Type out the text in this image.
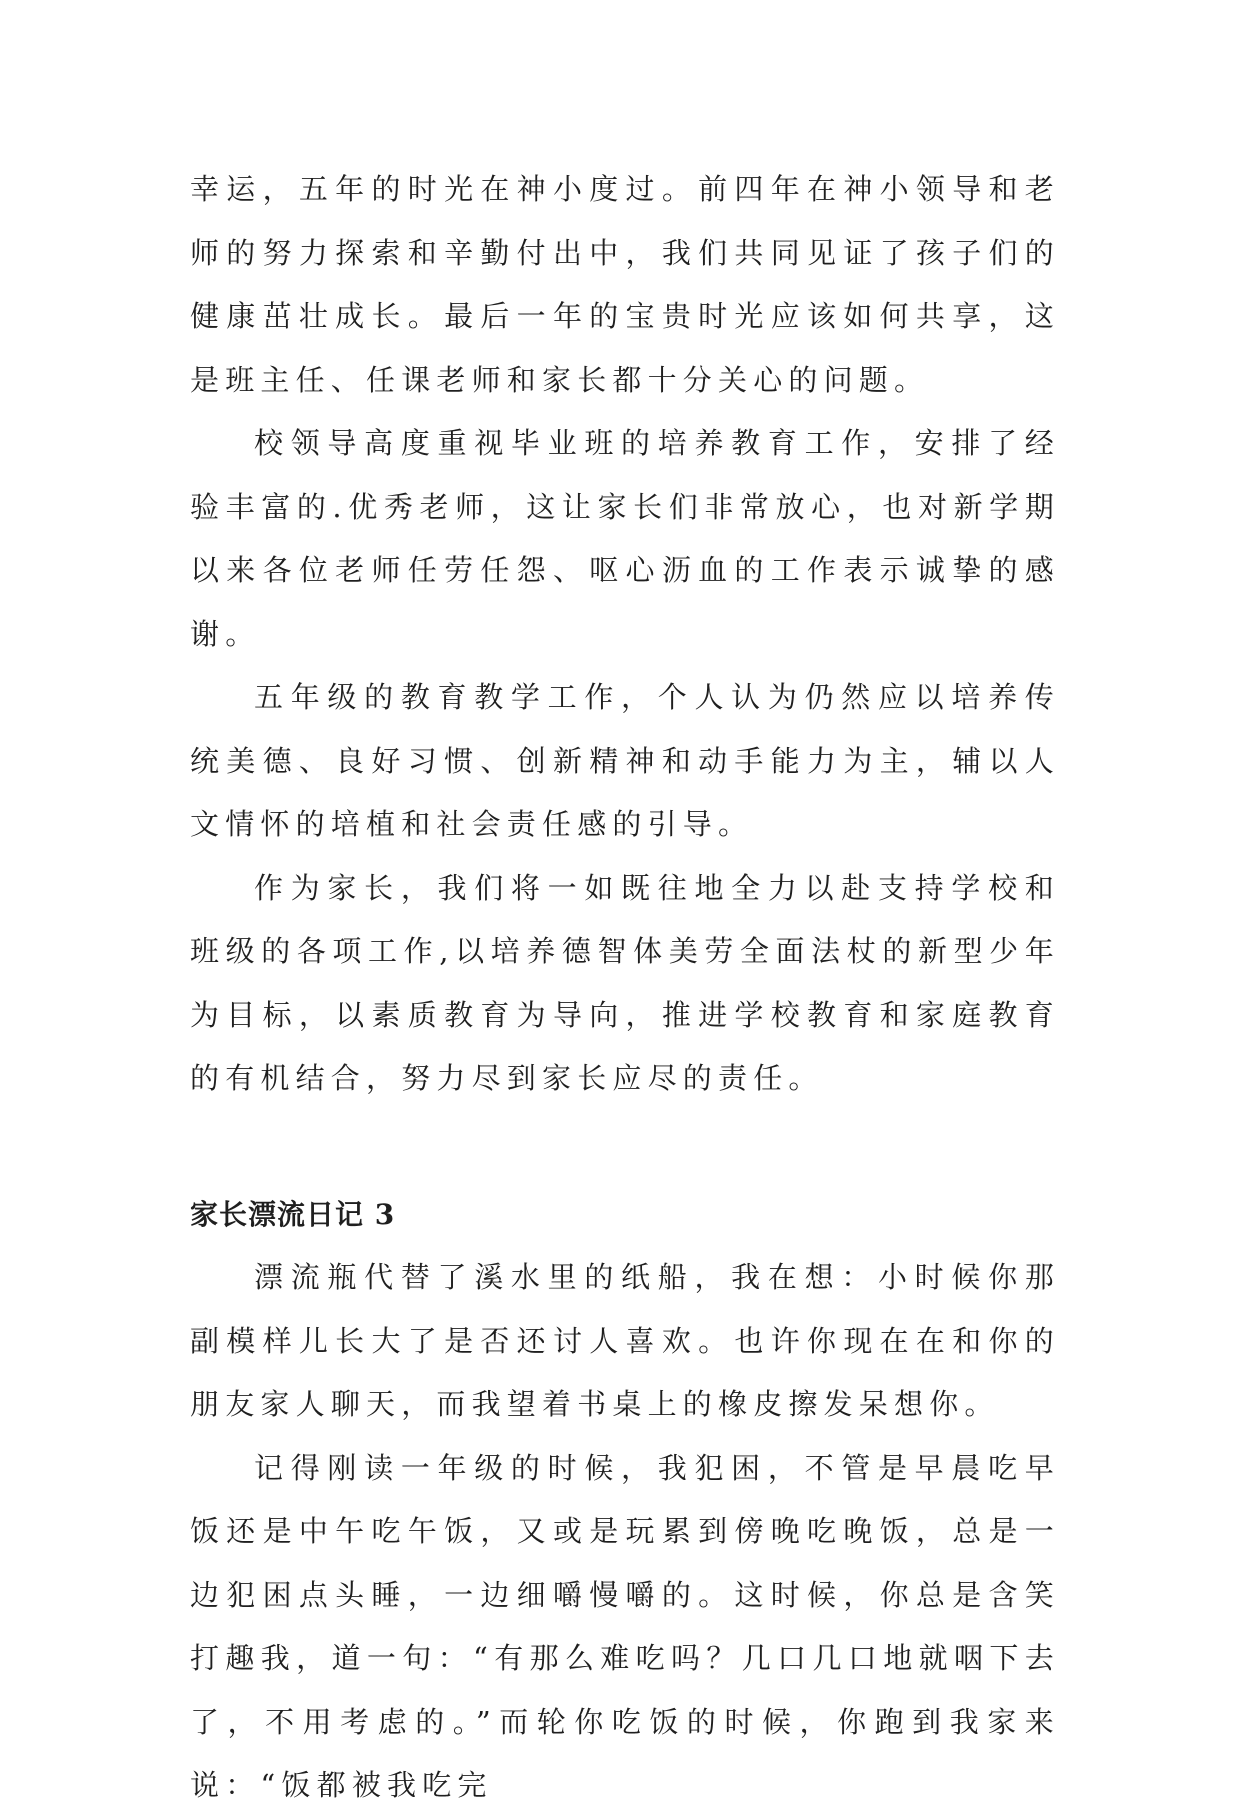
幸运，五年的时光在神小度过。前四年在神小领导和老师的努力探索和辛勤付出中，我们共同见证了孩子们的健康茁壮成长。最后一年的宝贵时光应该如何共享，这是班主任、任课老师和家长都十分关心的问题。

校领导高度重视毕业班的培养教育工作，安排了经验丰富的.优秀老师，这让家长们非常放心，也对新学期以来各位老师任劳任怨、呕心沥血的工作表示诚挚的感谢。

五年级的教育教学工作，个人认为仍然应以培养传统美德、良好习惯、创新精神和动手能力为主，辅以人文情怀的培植和社会责任感的引导。

作为家长，我们将一如既往地全力以赴支持学校和班级的各项工作,以培养德智体美劳全面法杖的新型少年为目标，以素质教育为导向，推进学校教育和家庭教育的有机结合，努力尽到家长应尽的责任。

家长漂流日记 3

漂流瓶代替了溪水里的纸船，我在想：小时候你那副模样儿长大了是否还讨人喜欢。也许你现在在和你的朋友家人聊天，而我望着书桌上的橡皮擦发呆想你。

记得刚读一年级的时候，我犯困，不管是早晨吃早饭还是中午吃午饭，又或是玩累到傍晚吃晚饭，总是一边犯困点头睡，一边细嚼慢嚼的。这时候，你总是含笑打趣我，道一句：“有那么难吃吗？几口几口地就咽下去了，不用考虑的。”而轮你吃饭的时候，你跑到我家来说：“饭都被我吃完
